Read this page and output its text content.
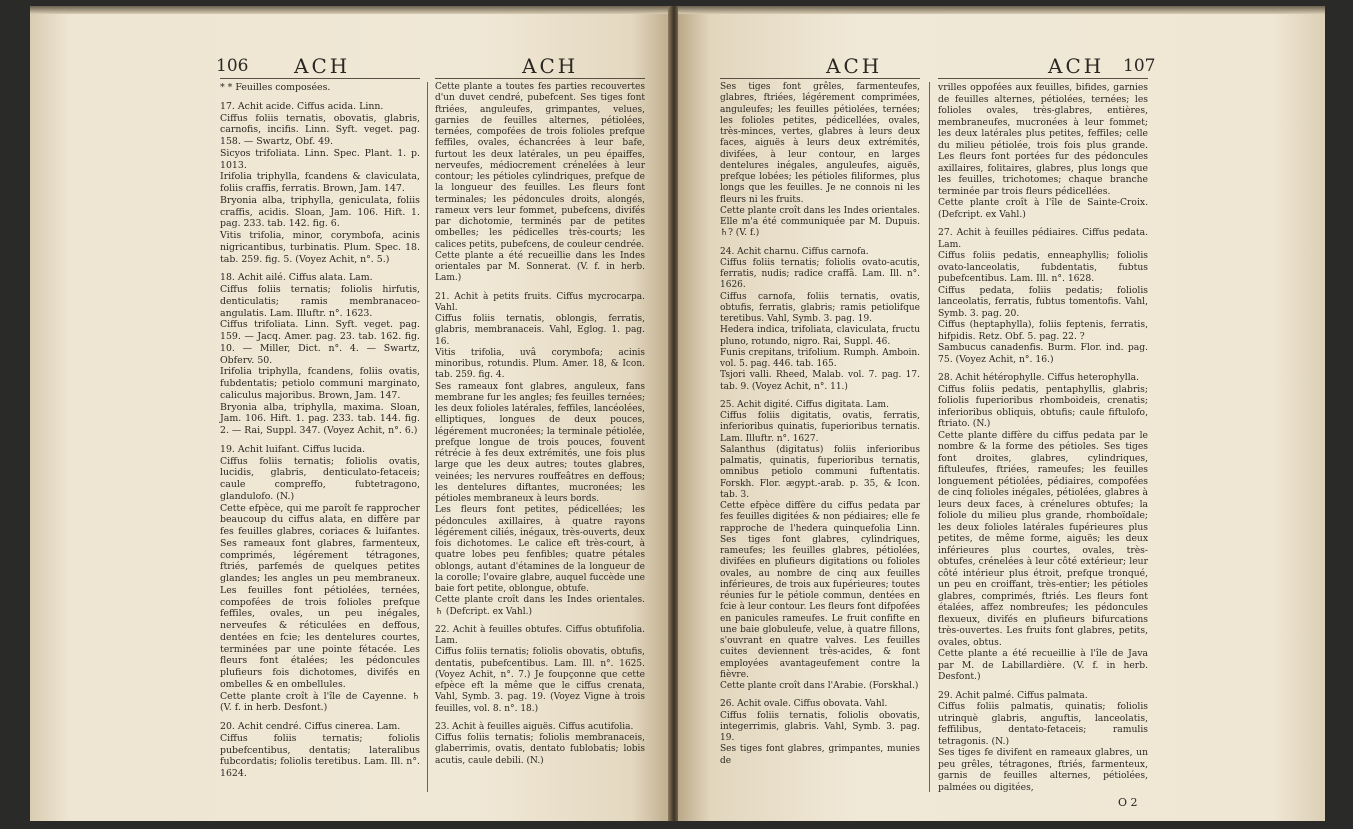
106 ACH	ACH

* * Feuilles composées.

17. Achit acide. Ciffus acida. Linn.

Ciffus foliis ternatis, obovatis, glabris, carnofis, incifis. Linn. Syft. veget. pag. 158. — Swartz, Obf. 49.

Sicyos trifoliata. Linn. Spec. Plant. 1. p. 1013.

Irifolia triphylla, fcandens & claviculata, foliis craffis, ferratis. Brown, Jam. 147.

Bryonia alba, triphylla, geniculata, foliis craffis, acidis. Sloan, Jam. 106. Hift. 1. pag. 233. tab. 142. fig. 6.

Vitis trifolia, minor, corymbofa, acinis nigricantibus, turbinatis. Plum. Spec. 18. tab. 259. fig. 5. (Voyez Achit, n°. 5.)

18. Achit ailé. Ciffus alata. Lam.

Ciffus foliis ternatis; foliolis hirfutis, denticulatis; ramis membranaceo-angulatis. Lam. Illuftr. n°. 1623.

Ciffus trifoliata. Linn. Syft. veget. pag. 159. — Jacq. Amer. pag. 23. tab. 162. fig. 10. — Miller, Dict. n°. 4. — Swartz, Obferv. 50.

Irifolia triphylla, fcandens, foliis ovatis, fubdentatis; petiolo communi marginato, caliculus majoribus. Brown, Jam. 147.

Bryonia alba, triphylla, maxima. Sloan, Jam. 106. Hift. 1. pag. 233. tab. 144. fig. 2. — Rai, Suppl. 347. (Voyez Achit, n°. 6.)

19. Achit luifant. Ciffus lucida.

Ciffus foliis ternatis; foliolis ovatis, lucidis, glabris, denticulato-fetaceis; caule compreffo, fubtetragono, glandulofo. (N.)

Cette efpèce, qui me paroît fe rapprocher beaucoup du ciffus alata, en diffère par fes feuilles glabres, coriaces & luifantes. Ses rameaux font glabres, farmenteux, comprimés, légérement tétragones, ftriés, parfemés de quelques petites glandes; les angles un peu membraneux. Les feuilles font pétiolées, ternées, compofées de trois folioles prefque feffiles, ovales, un peu inégales, nerveufes & réticulées en deffous, dentées en fcie; les dentelures courtes, terminées par une pointe fétacée. Les fleurs font étalées; les pédoncules plufieurs fois dichotomes, divifés en ombelles & en ombellules.

Cette plante croît à l'île de Cayenne. ♄ (V. f. in herb. Desfont.)

20. Achit cendré. Ciffus cinerea. Lam.

Ciffus foliis ternatis; foliolis pubefcentibus, dentatis; lateralibus fubcordatis; foliolis teretibus. Lam. Ill. n°. 1624.

Cette plante a toutes fes parties recouvertes d'un duvet cendré, pubefcent. Ses tiges font ftriées, anguleufes, grimpantes, velues, garnies de feuilles alternes, pétiolées, ternées, compofées de trois folioles prefque feffiles, ovales, échancrées à leur bafe, furtout les deux latérales, un peu épaiffes, nerveufes, médiocrement crénelées à leur contour; les pétioles cylindriques, prefque de la longueur des feuilles. Les fleurs font terminales; les pédoncules droits, alongés, rameux vers leur fommet, pubefcens, divifés par dichotomie, terminés par de petites ombelles; les pédicelles très-courts; les calices petits, pubefcens, de couleur cendrée.

Cette plante a été recueillie dans les Indes orientales par M. Sonnerat. (V. f. in herb. Lam.)

21. Achit à petits fruits. Ciffus mycrocarpa. Vahl.

Ciffus foliis ternatis, oblongis, ferratis, glabris, membranaceis. Vahl, Eglog. 1. pag. 16.

Vitis trifolia, uvâ corymbofa; acinis minoribus, rotundis. Plum. Amer. 18, & Icon. tab. 259. fig. 4.

Ses rameaux font glabres, anguleux, fans membrane fur les angles; fes feuilles ternées; les deux folioles latérales, feffiles, lancéolées, elliptiques, longues de deux pouces, légérement mucronées; la terminale pétiolée, prefque longue de trois pouces, fouvent rétrécie à fes deux extrémités, une fois plus large que les deux autres; toutes glabres, veinées; les nervures rouffeâtres en deffous; les dentelures diftantes, mucronées; les pétioles membraneux à leurs bords.

Les fleurs font petites, pédicellées; les pédoncules axillaires, à quatre rayons légérement ciliés, inégaux, très-ouverts, deux fois dichotomes. Le calice eft très-court, à quatre lobes peu fenfibles; quatre pétales oblongs, autant d'étamines de la longueur de la corolle; l'ovaire glabre, auquel fuccède une baie fort petite, oblongue, obtufe.

Cette plante croît dans les Indes orientales. ♄ (Defcript. ex Vahl.)

22. Achit à feuilles obtufes. Ciffus obtufifolia. Lam.

Ciffus foliis ternatis; foliolis obovatis, obtufis, dentatis, pubefcentibus. Lam. Ill. n°. 1625. (Voyez Achit, n°. 7.) Je foupçonne que cette efpèce eft la même que le ciffus crenata, Vahl, Symb. 3. pag. 19. (Voyez Vigne à trois feuilles, vol. 8. n°. 18.)

23. Achit à feuilles aiguës. Ciffus acutifolia.

Ciffus foliis ternatis; foliolis membranaceis, glaberrimis, ovatis, dentato fublobatis; lobis acutis, caule debili. (N.)

ACH	ACH 107

Ses tiges font grêles, farmenteufes, glabres, ftriées, légérement comprimées, anguleufes; les feuilles pétiolées, ternées; les folioles petites, pédicellées, ovales, très-minces, vertes, glabres à leurs deux faces, aiguës à leurs deux extrémités, divifées, à leur contour, en larges dentelures inégales, anguleufes, aiguës, prefque lobées; les pétioles filiformes, plus longs que les feuilles. Je ne connois ni les fleurs ni les fruits.

Cette plante croît dans les Indes orientales. Elle m'a été communiquée par M. Dupuis. ♄? (V. f.)

24. Achit charnu. Ciffus carnofa.

Ciffus foliis ternatis; foliolis ovato-acutis, ferratis, nudis; radice craffâ. Lam. Ill. n°. 1626.

Ciffus carnofa, foliis ternatis, ovatis, obtufis, ferratis, glabris; ramis petiolifque teretibus. Vahl, Symb. 3. pag. 19.

Hedera indica, trifoliata, claviculata, fructu pluno, rotundo, nigro. Rai, Suppl. 46.

Funis crepitans, trifolium. Rumph. Amboin. vol. 5. pag. 446. tab. 165.

Tsjori valli. Rheed, Malab. vol. 7. pag. 17. tab. 9. (Voyez Achit, n°. 11.)

25. Achit digité. Ciffus digitata. Lam.

Ciffus foliis digitatis, ovatis, ferratis, inferioribus quinatis, fuperioribus ternatis. Lam. Illuftr. n°. 1627.

Salanthus (digitatus) foliis inferioribus palmatis, quinatis, fuperioribus ternatis, omnibus petiolo communi fuftentatis. Forskh. Flor. ægypt.-arab. p. 35, & Icon. tab. 3.

Cette efpèce diffère du ciffus pedata par fes feuilles digitées & non pédiaires; elle fe rapproche de l'hedera quinquefolia Linn. Ses tiges font glabres, cylindriques, rameufes; les feuilles glabres, pétiolées, divifées en plufieurs digitations ou folioles ovales, au nombre de cinq aux feuilles inférieures, de trois aux fupérieures; toutes réunies fur le pétiole commun, dentées en fcie à leur contour. Les fleurs font difpofées en panicules rameufes. Le fruit confifte en une baie globuleufe, velue, à quatre fillons, s'ouvrant en quatre valves. Les feuilles cuites deviennent très-acides, & font employées avantageufement contre la fièvre.

Cette plante croît dans l'Arabie. (Forskhal.)

26. Achit ovale. Ciffus obovata. Vahl.

Ciffus foliis ternatis, foliolis obovatis, integerrimis, glabris. Vahl, Symb. 3. pag. 19.

Ses tiges font glabres, grimpantes, munies de

vrilles oppofées aux feuilles, bifides, garnies de feuilles alternes, pétiolées, ternées; les folioles ovales, très-glabres, entières, membraneufes, mucronées à leur fommet; les deux latérales plus petites, feffiles; celle du milieu pétiolée, trois fois plus grande. Les fleurs font portées fur des pédoncules axillaires, folitaires, glabres, plus longs que les feuilles, trichotomes; chaque branche terminée par trois fleurs pédicellées.

Cette plante croît à l'île de Sainte-Croix. (Defcript. ex Vahl.)

27. Achit à feuilles pédiaires. Ciffus pedata. Lam.

Ciffus foliis pedatis, enneaphyllis; foliolis ovato-lanceolatis, fubdentatis, fubtus pubefcentibus. Lam. Ill. n°. 1628.

Ciffus pedata, foliis pedatis; foliolis lanceolatis, ferratis, fubtus tomentofis. Vahl, Symb. 3. pag. 20.

Ciffus (heptaphylla), foliis feptenis, ferratis, hifpidis. Retz. Obf. 5. pag. 22. ?

Sambucus canadenfis. Burm. Flor. ind. pag. 75. (Voyez Achit, n°. 16.)

28. Achit hétérophylle. Ciffus heterophylla.

Ciffus foliis pedatis, pentaphyllis, glabris; foliolis fuperioribus rhomboideis, crenatis; inferioribus obliquis, obtufis; caule fiftulofo, ftriato. (N.)

Cette plante diffère du ciffus pedata par le nombre & la forme des pétioles. Ses tiges font droites, glabres, cylindriques, fiftuleufes, ftriées, rameufes; les feuilles longuement pétiolées, pédiaires, compofées de cinq folioles inégales, pétiolées, glabres à leurs deux faces, à crénelures obtufes; la foliole du milieu plus grande, rhomboïdale; les deux folioles latérales fupérieures plus petites, de même forme, aiguës; les deux inférieures plus courtes, ovales, très-obtufes, crénelées à leur côté extérieur; leur côté intérieur plus étroit, prefque tronqué, un peu en croiffant, très-entier; les pétioles glabres, comprimés, ftriés. Les fleurs font étalées, affez nombreufes; les pédoncules flexueux, divifés en plufieurs bifurcations très-ouvertes. Les fruits font glabres, petits, ovales, obtus.

Cette plante a été recueillie à l'île de Java par M. de Labillardière. (V. f. in herb. Desfont.)

29. Achit palmé. Ciffus palmata.

Ciffus foliis palmatis, quinatis; foliolis utrinquè glabris, anguftis, lanceolatis, feffilibus, dentato-fetaceis; ramulis tetragonis. (N.)

Ses tiges fe divifent en rameaux glabres, un peu grêles, tétragones, ftriés, farmenteux, garnis de feuilles alternes, pétiolées, palmées ou digitées,

O 2
